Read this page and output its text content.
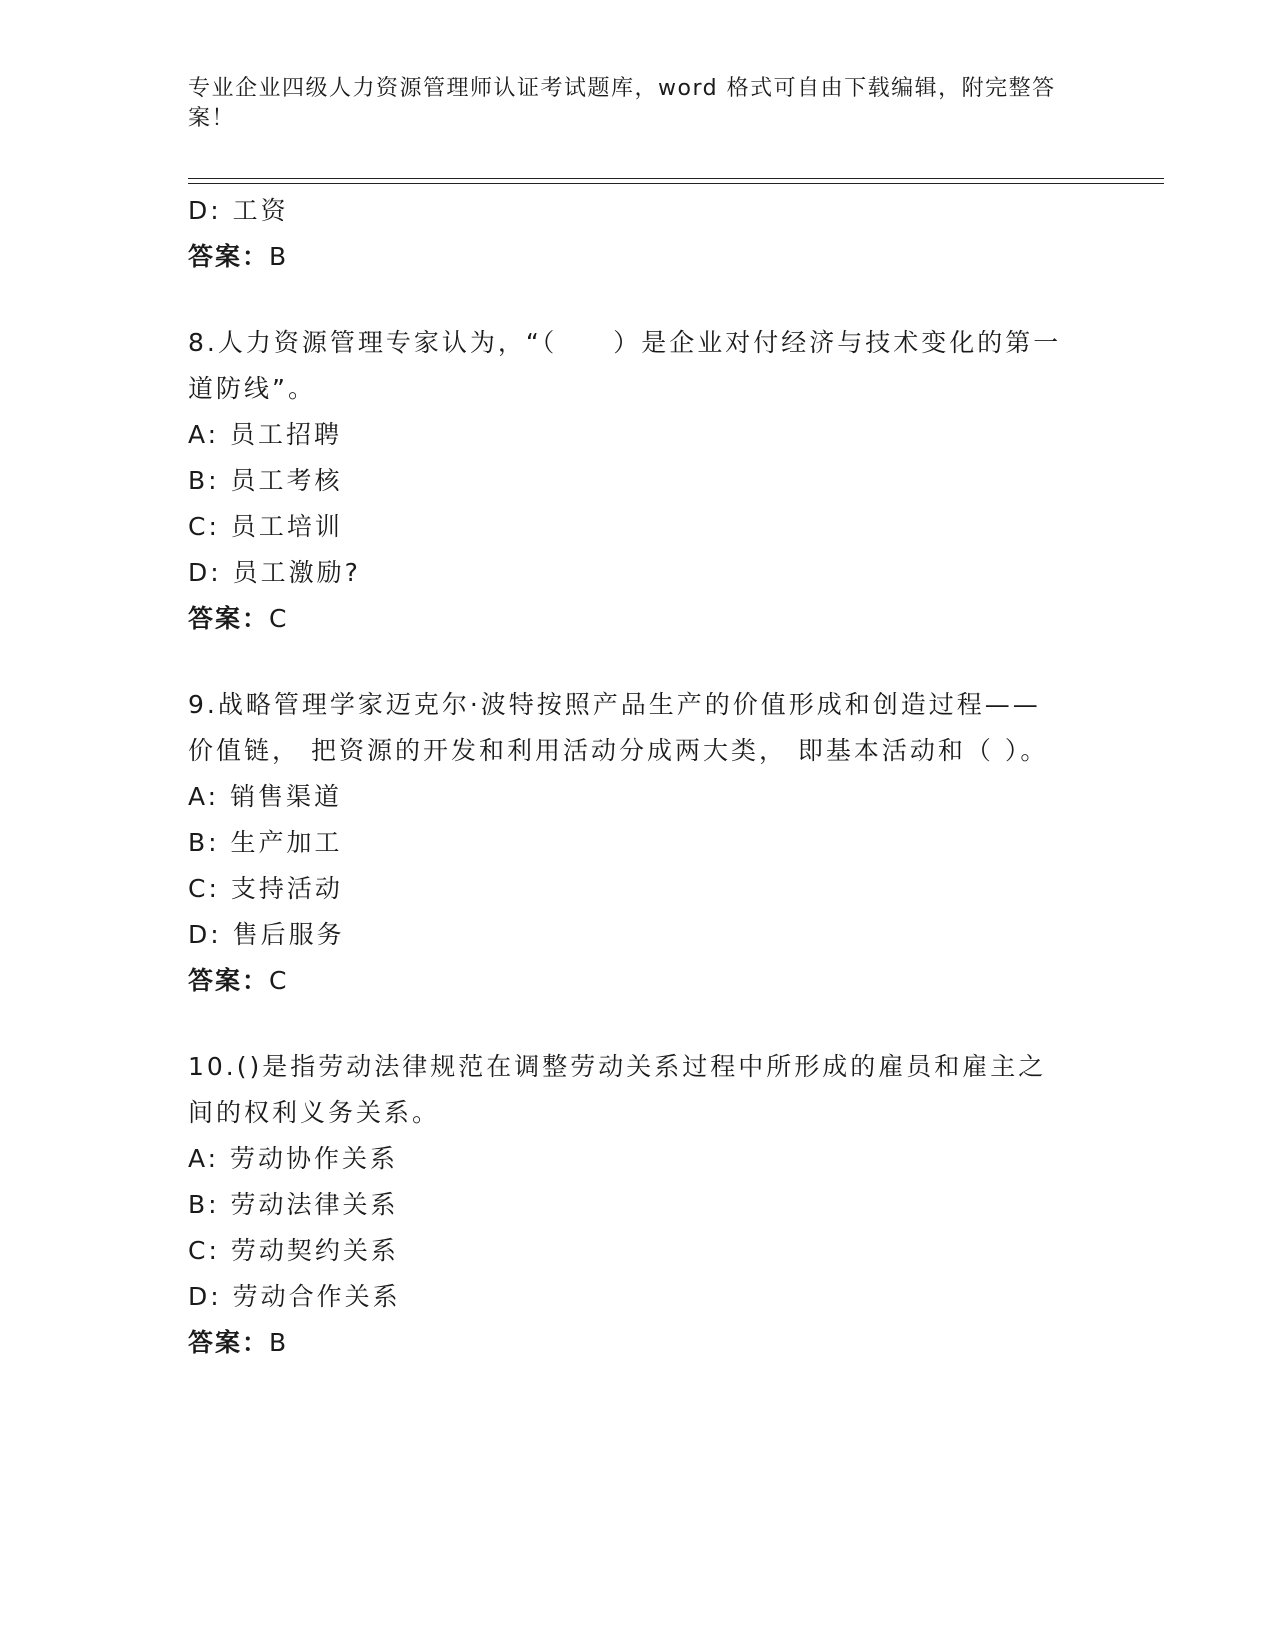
专业企业四级人力资源管理师认证考试题库，word 格式可自由下载编辑，附完整答案！
D: 工资
答案：B
8.人力资源管理专家认为，“（　　）是企业对付经济与技术变化的第一道防线”。
A: 员工招聘
B: 员工考核
C: 员工培训
D: 员工激励?
答案：C
9.战略管理学家迈克尔·波特按照产品生产的价值形成和创造过程——价值链， 把资源的开发和利用活动分成两大类， 即基本活动和（ ）。
A: 销售渠道
B: 生产加工
C: 支持活动
D: 售后服务
答案：C
10.()是指劳动法律规范在调整劳动关系过程中所形成的雇员和雇主之间的权利义务关系。
A: 劳动协作关系
B: 劳动法律关系
C: 劳动契约关系
D: 劳动合作关系
答案：B
